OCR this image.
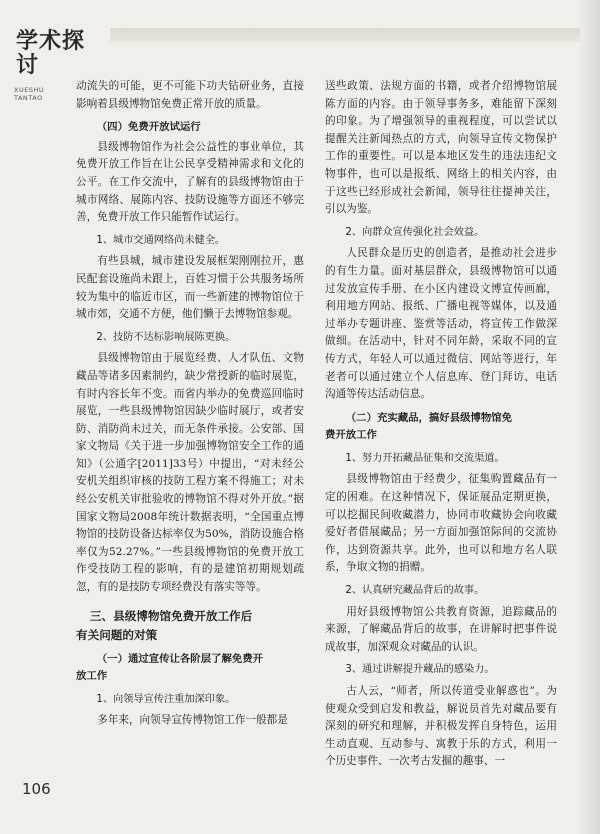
学术探讨
XUESHU TANTAO

动流失的可能，更不可能下功夫钻研业务，直接影响着县级博物馆免费正常开放的质量。

（四）免费开放试运行

县级博物馆作为社会公益性的事业单位，其免费开放工作旨在让公民享受精神需求和文化的公平。在工作交流中，了解有的县级博物馆由于城市网络、展陈内容、技防设施等方面还不够完善，免费开放工作只能暂作试运行。

1、城市交通网络尚未健全。

有些县城，城市建设发展框架刚刚拉开，惠民配套设施尚未跟上，百姓习惯于公共服务场所较为集中的临近市区，而一些新建的博物馆位于城市郊，交通不方便，他们懒于去博物馆参观。

2、技防不达标影响展陈更换。

县级博物馆由于展览经费、人才队伍、文物藏品等诸多因素制约，缺少常授新的临时展览，有时内容长年不变。而省内举办的免费巡回临时展览，一些县级博物馆因缺少临时展厅，或者安防、消防尚未过关，而无条件承接。公安部、国家文物局《关于进一步加强博物馆安全工作的通知》（公通字[2011]33号）中提出，“对未经公安机关组织审核的技防工程方案不得施工；对未经公安机关审批验收的博物馆不得对外开放。”据国家文物局2008年统计数据表明，“全国重点博物馆的技防设备达标率仅为50%，消防设施合格率仅为52.27%。”一些县级博物馆的免费开放工作受技防工程的影响，有的是建馆初期规划疏忽，有的是技防专项经费没有落实等等。

三、县级博物馆免费开放工作后
有关问题的对策
（一）通过宣传让各阶层了解免费开
放工作
1、向领导宣传注重加深印象。

多年来，向领导宣传博物馆工作一般都是

送些政策、法规方面的书籍，或者介绍博物馆展陈方面的内容。由于领导事务多，难能留下深刻的印象。为了增强领导的重视程度，可以尝试以提醒关注新闻热点的方式，向领导宣传文物保护工作的重要性。可以是本地区发生的违法违纪文物事件，也可以是报纸、网络上的相关内容，由于这些已经形成社会新闻，领导往往提神关注，引以为鉴。

2、向群众宣传强化社会效益。

人民群众是历史的创造者，是推动社会进步的有生力量。面对基层群众，县级博物馆可以通过发放宣传手册、在小区内建设文博宣传画廊，利用地方网站、报纸、广播电视等媒体，以及通过举办专题讲座、鉴赏等活动，将宣传工作做深做细。在活动中，针对不同年龄，采取不同的宣传方式，年轻人可以通过微信、网站等进行，年老者可以通过建立个人信息库、登门拜访、电话沟通等传达活动信息。

（二）充实藏品，搞好县级博物馆免
费开放工作
1、努力开拓藏品征集和交流渠道。

县级博物馆由于经费少，征集购置藏品有一定的困难。在这种情况下，保证展品定期更换，可以挖掘民间收藏潜力，协同市收藏协会向收藏爱好者借展藏品；另一方面加强馆际间的交流协作，达到资源共享。此外，也可以和地方名人联系，争取文物的捐赠。

2、认真研究藏品背后的故事。

用好县级博物馆公共教育资源，追踪藏品的来源，了解藏品背后的故事，在讲解时把事件说成故事，加深观众对藏品的认识。

3、通过讲解提升藏品的感染力。

古人云，“师者，所以传道受业解惑也”。为使观众受到启发和教益，解说员首先对藏品要有深刻的研究和理解，并积极发挥自身特色，运用生动直观、互动参与、寓教于乐的方式，利用一个历史事件、一次考古发掘的趣事、一

106
